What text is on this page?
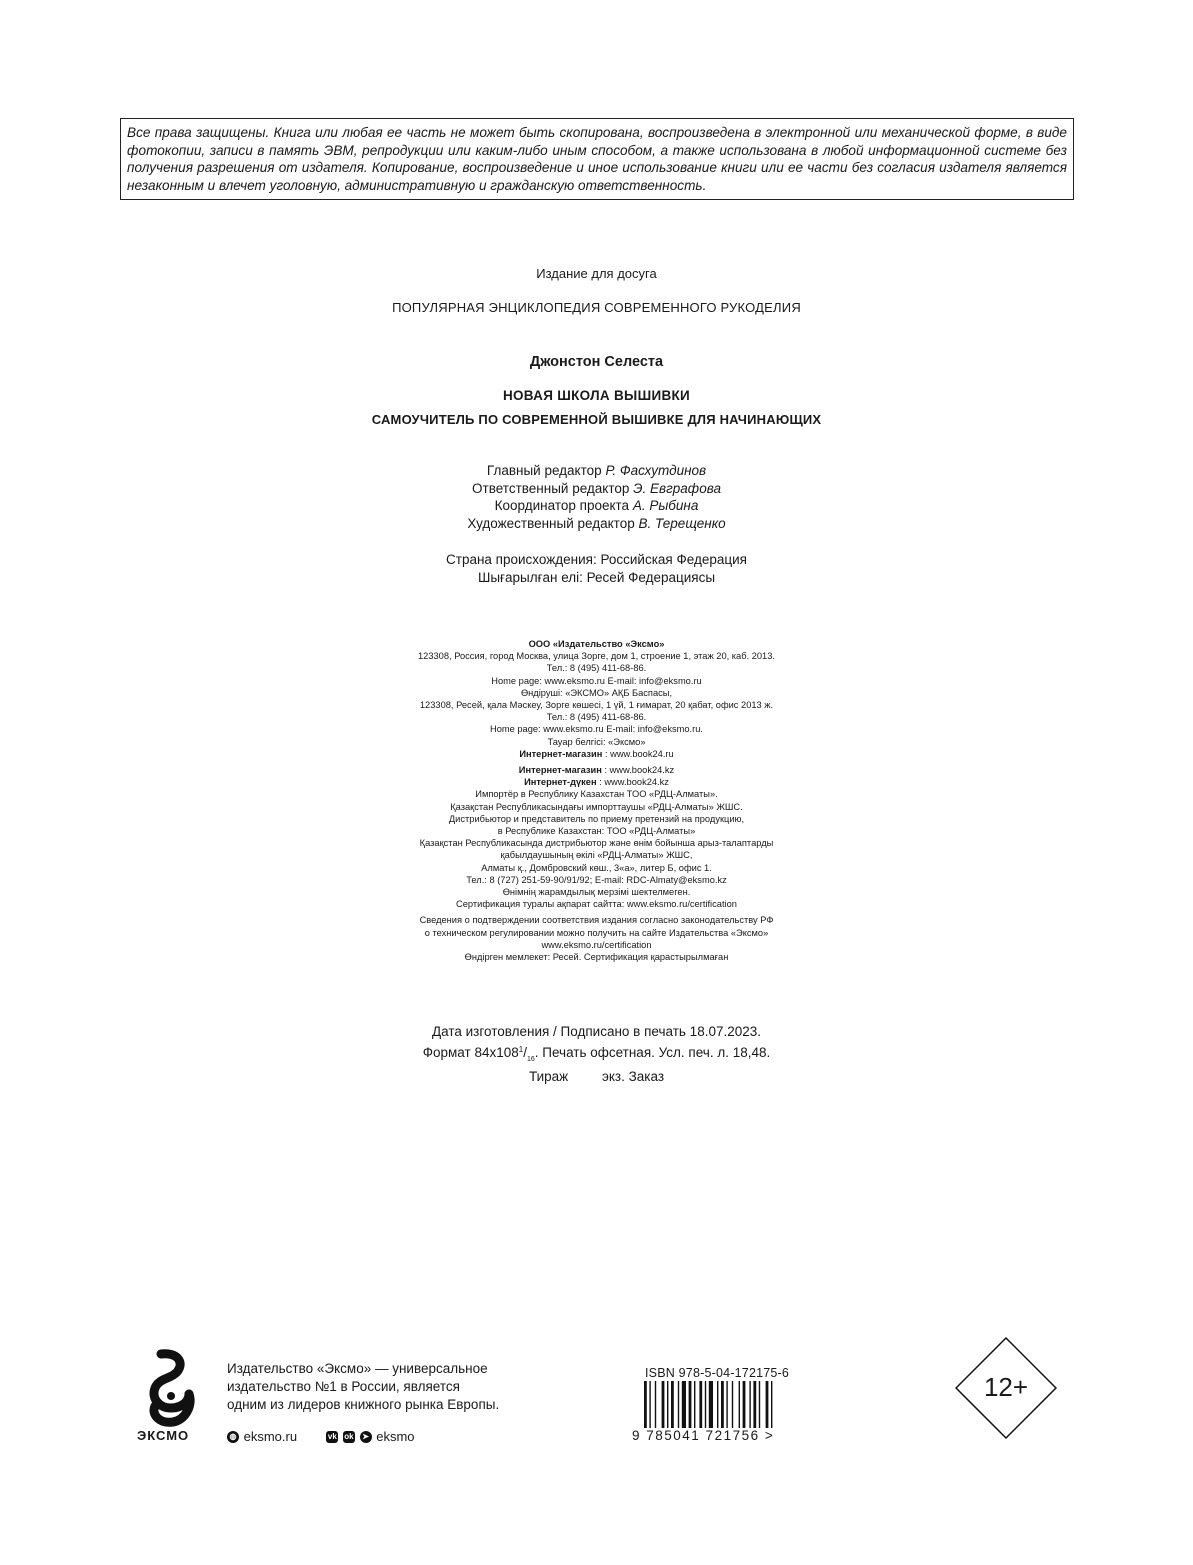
Все права защищены. Книга или любая ее часть не может быть скопирована, воспроизведена в электронной или механической форме, в виде фотокопии, записи в память ЭВМ, репродукции или каким-либо иным способом, а также использована в любой информационной системе без получения разрешения от издателя. Копирование, воспроизведение и иное использование книги или ее части без согласия издателя является незаконным и влечет уголовную, административную и гражданскую ответственность.
Издание для досуга
ПОПУЛЯРНАЯ ЭНЦИКЛОПЕДИЯ СОВРЕМЕННОГО РУКОДЕЛИЯ
Джонстон Селеста
НОВАЯ ШКОЛА ВЫШИВКИ
САМОУЧИТЕЛЬ ПО СОВРЕМЕННОЙ ВЫШИВКЕ ДЛЯ НАЧИНАЮЩИХ
Главный редактор Р. Фасхутдинов
Ответственный редактор Э. Евграфова
Координатор проекта А. Рыбина
Художественный редактор В. Терещенко
Страна происхождения: Российская Федерация
Шығарылған елі: Ресей Федерациясы
ООО «Издательство «Эксмо»
123308, Россия, город Москва, улица Зорге, дом 1, строение 1, этаж 20, каб. 2013.
Тел.: 8 (495) 411-68-86.
Home page: www.eksmo.ru E-mail: info@eksmo.ru
Өндіруші: «ЭКСМО» АҚБ Баспасы,
123308, Ресей, қала Мәскеу, Зорге көшесі, 1 үй, 1 ғимарат, 20 қабат, офис 2013 ж.
Тел.: 8 (495) 411-68-86.
Home page: www.eksmo.ru E-mail: info@eksmo.ru.
Тауар белгісі: «Эксмо»
Интернет-магазин : www.book24.ru
Интернет-магазин : www.book24.kz
Интернет-дүкен : www.book24.kz
Импортёр в Республику Казахстан ТОО «РДЦ-Алматы».
Қазақстан Республикасындағы импорттаушы «РДЦ-Алматы» ЖШС.
Дистрибьютор и представитель по приему претензий на продукцию,
в Республике Казахстан: ТОО «РДЦ-Алматы»
Қазақстан Республикасында дистрибьютор және өнім бойынша арыз-талаптарды
қабылдаушының өкілі «РДЦ-Алматы» ЖШС,
Алматы қ., Домбровский көш., 3«а», литер Б, офис 1.
Тел.: 8 (727) 251-59-90/91/92; E-mail: RDC-Almaty@eksmo.kz
Өнімнің жарамдылық мерзімі шектелмеген.
Сертификация туралы ақпарат сайтта: www.eksmo.ru/certification
Сведения о подтверждении соответствия издания согласно законодательству РФ
о техническом регулировании можно получить на сайте Издательства «Эксмо»
www.eksmo.ru/certification
Өндірген мемлекет: Ресей. Сертификация қарастырылмаған
Дата изготовления / Подписано в печать 18.07.2023.
Формат $84x108^1/_{16}$. Печать офсетная. Усл. печ. л. 18,48.
Тираж         экз. Заказ
ЭКСМО
Издательство «Эксмо» — универсальное
издательство №1 в России, является
одним из лидеров книжного рынка Европы.
◍ eksmo.ru	vk ok ➤ eksmo
ISBN 978-5-04-172175-6
9 785041 721756 >
12+
